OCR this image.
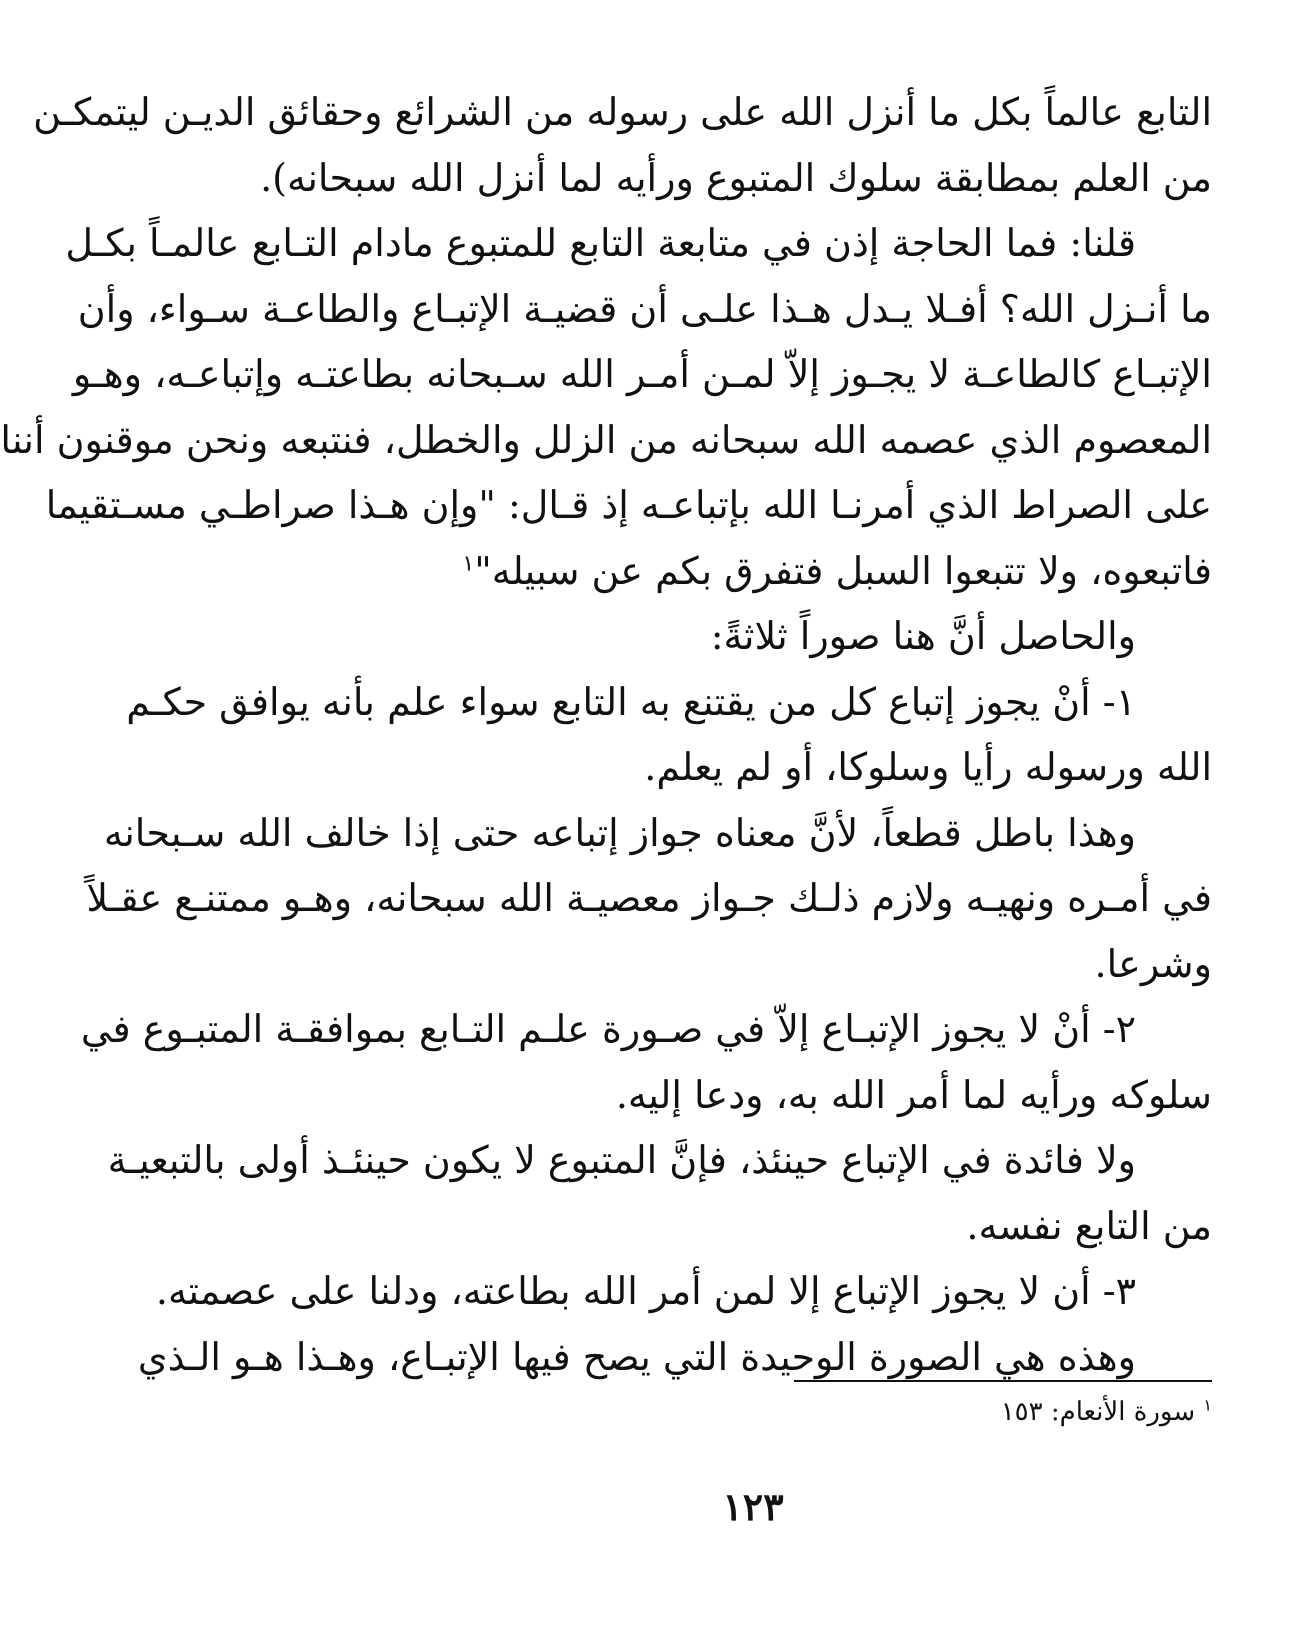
التابع عالماً بكل ما أنزل الله على رسوله من الشرائع وحقائق الديـن ليتمكـن
من العلم بمطابقة سلوك المتبوع ورأيه لما أنزل الله سبحانه).
قلنا: فما الحاجة إذن في متابعة التابع للمتبوع مادام التـابع عالمـاً بكـل
ما أنـزل الله؟ أفـلا يـدل هـذا علـى أن قضيـة الإتبـاع والطاعـة سـواء، وأن
الإتبـاع كالطاعـة لا يجـوز إلاّ لمـن أمـر الله سـبحانه بطاعتـه وإتباعـه، وهـو
المعصوم الذي عصمه الله سبحانه من الزلل والخطل، فنتبعه ونحن موقنون أننا
على الصراط الذي أمرنـا الله بإتباعـه إذ قـال: "وإن هـذا صراطـي مسـتقيما
فاتبعوه، ولا تتبعوا السبل فتفرق بكم عن سبيله"$^١$
والحاصل أنَّ هنا صوراً ثلاثةً:
١- أنْ يجوز إتباع كل من يقتنع به التابع سواء علم بأنه يوافق حكـم
الله ورسوله رأيا وسلوكا، أو لم يعلم.
وهذا باطل قطعاً، لأنَّ معناه جواز إتباعه حتى إذا خالف الله سـبحانه
في أمـره ونهيـه ولازم ذلـك جـواز معصيـة الله سبحانه، وهـو ممتنـع عقـلاً
وشرعا.
٢- أنْ لا يجوز الإتبـاع إلاّ في صـورة علـم التـابع بموافقـة المتبـوع في
سلوكه ورأيه لما أمر الله به، ودعا إليه.
ولا فائدة في الإتباع حينئذ، فإنَّ المتبوع لا يكون حينئـذ أولى بالتبعيـة
من التابع نفسه.
٣- أن لا يجوز الإتباع إلا لمن أمر الله بطاعته، ودلنا على عصمته.
وهذه هي الصورة الوحيدة التي يصح فيها الإتبـاع، وهـذا هـو الـذي
$^١$ سورة الأنعام: ١٥٣
١٢٣
